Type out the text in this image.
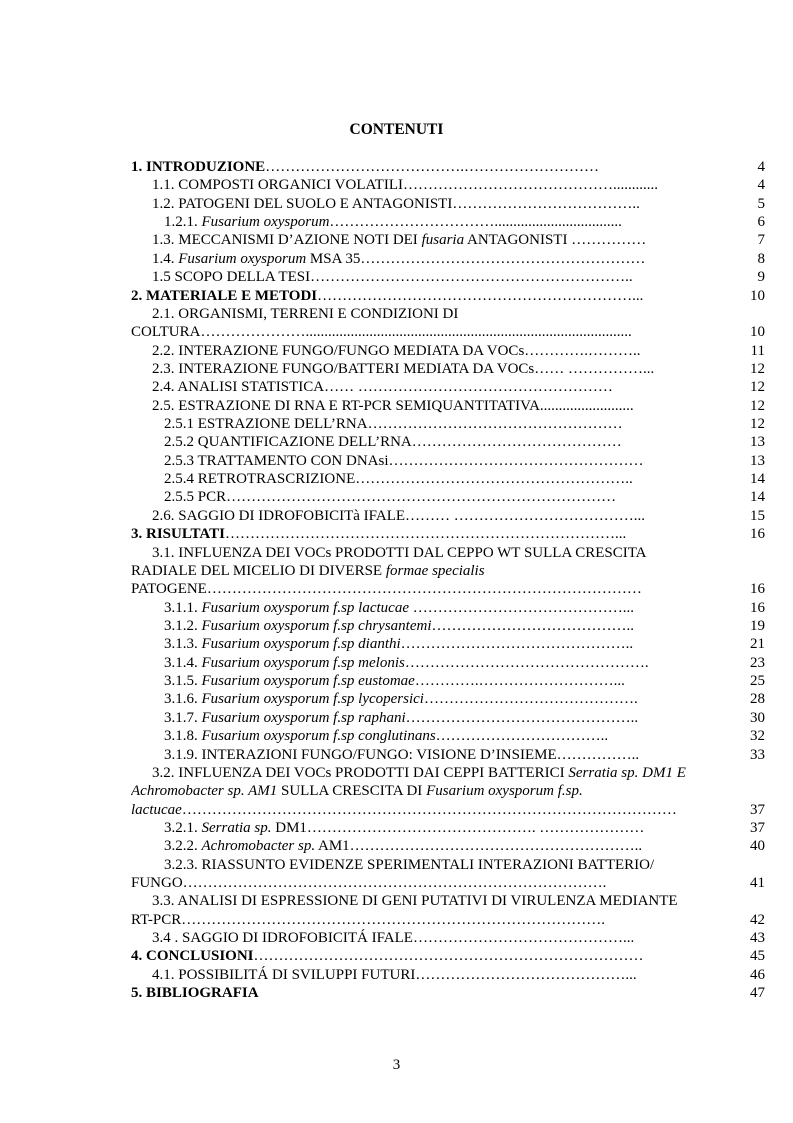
CONTENUTI
1. INTRODUZIONE………………………………….………………………	4
1.1. COMPOSTI ORGANICI VOLATILI……………………………………............	4
1.2. PATOGENI DEL SUOLO E ANTAGONISTI………………………………..	5
1.2.1. Fusarium oxysporum……………………………..................................	6
1.3. MECCANISMI D’AZIONE NOTI DEI fusaria ANTAGONISTI ……………	7
1.4. Fusarium oxysporum MSA 35…………………………………………………	8
1.5 SCOPO DELLA TESI………………………………………………………..	9
2. MATERIALE E METODI………………………………………………………...	10
2.1. ORGANISMI, TERRENI E CONDIZIONI DI
COLTURA………………….......................................................................................	10
2.2. INTERAZIONE FUNGO/FUNGO MEDIATA DA VOCs………….………..	11
2.3. INTERAZIONE FUNGO/BATTERI MEDIATA DA VOCs…… ……………...	12
2.4. ANALISI STATISTICA…… ……………………………………………	12
2.5. ESTRAZIONE DI RNA E RT-PCR SEMIQUANTITATIVA.........................	12
2.5.1 ESTRAZIONE DELL’RNA……………………………………………	12
2.5.2 QUANTIFICAZIONE DELL’RNA……………………………………	13
2.5.3 TRATTAMENTO CON DNAsi……………………………………………	13
2.5.4 RETROTRASCRIZIONE………………………………………………..	14
2.5.5 PCR……………………………………………………………………	14
2.6. SAGGIO DI IDROFOBICITà IFALE……… ………………………………...	15
3. RISULTATI……………………………………………………………………...	16
3.1. INFLUENZA DEI VOCs PRODOTTI DAL CEPPO WT SULLA CRESCITA
RADIALE DEL MICELIO DI DIVERSE formae specialis
PATOGENE……………………………………………………………………………	16
3.1.1. Fusarium oxysporum f.sp lactucae ……………………………………...	16
3.1.2. Fusarium oxysporum f.sp chrysantemi…………………………………..	19
3.1.3. Fusarium oxysporum f.sp dianthi………………………………………..	21
3.1.4. Fusarium oxysporum f.sp melonis………………………………………….	23
3.1.5. Fusarium oxysporum f.sp eustomae………….………………………...	25
3.1.6. Fusarium oxysporum f.sp lycopersici…………………………………….	28
3.1.7. Fusarium oxysporum f.sp raphani………………………………………..	30
3.1.8. Fusarium oxysporum f.sp conglutinans……………………………..	32
3.1.9. INTERAZIONI FUNGO/FUNGO: VISIONE D’INSIEME……………..	33
3.2. INFLUENZA DEI VOCs PRODOTTI DAI CEPPI BATTERICI Serratia sp. DM1 E
Achromobacter sp. AM1 SULLA CRESCITA DI Fusarium oxysporum f.sp.
lactucae………………………………………………………………………………………	37
3.2.1. Serratia sp. DM1………………………………………. …………………	37
3.2.2. Achromobacter sp. AM1…………………………………………………..	40
3.2.3. RIASSUNTO EVIDENZE SPERIMENTALI INTERAZIONI BATTERIO/
FUNGO………………………………………………………………………….	41
3.3. ANALISI DI ESPRESSIONE DI GENI PUTATIVI DI VIRULENZA MEDIANTE
RT-PCR………………………………………………………………………….	42
3.4 . SAGGIO DI IDROFOBICITÁ IFALE……………………………………...	43
4. CONCLUSIONI……………………………………………………………………	45
4.1. POSSIBILITÁ DI SVILUPPI FUTURI……………………………………...	46
5. BIBLIOGRAFIA	47
3
